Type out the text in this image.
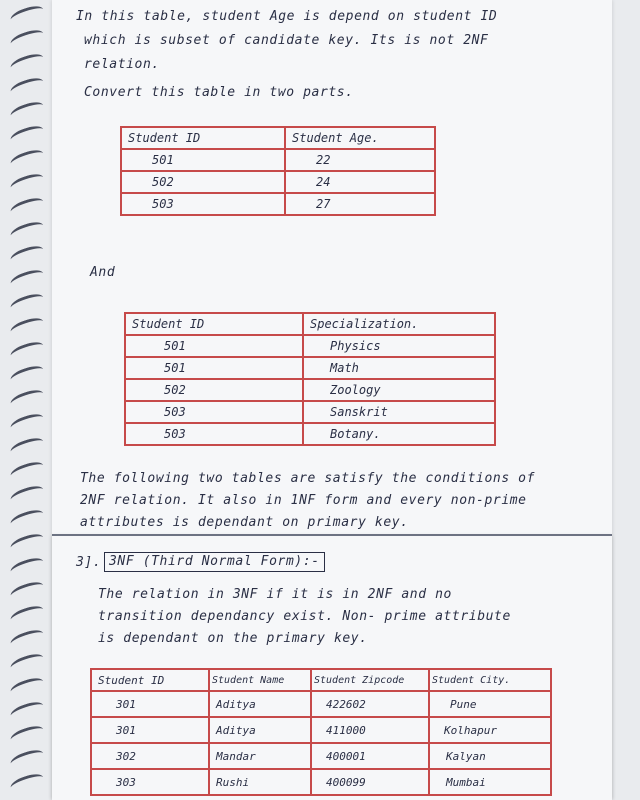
In this table, student Age is depend on student ID
which is subset of candidate key. Its is not 2NF
relation.
Convert this table in two parts.
Student ID	Student Age.
501	22
502	24
503	27
And
Student ID	Specialization.
501	Physics
501	Math
502	Zoology
503	Sanskrit
503	Botany.
The following two tables are satisfy the conditions of
2NF relation. It also in 1NF form and every non-prime
attributes is dependant on primary key.
3]. 3NF (Third Normal Form):-
The relation in 3NF if it is in 2NF and no
transition dependancy exist. Non- prime attribute
is dependant on the primary key.
Student ID	Student Name	Student Zipcode	Student City.
301	Aditya	422602	Pune
301	Aditya	411000	Kolhapur
302	Mandar	400001	Kalyan
303	Rushi	400099	Mumbai
